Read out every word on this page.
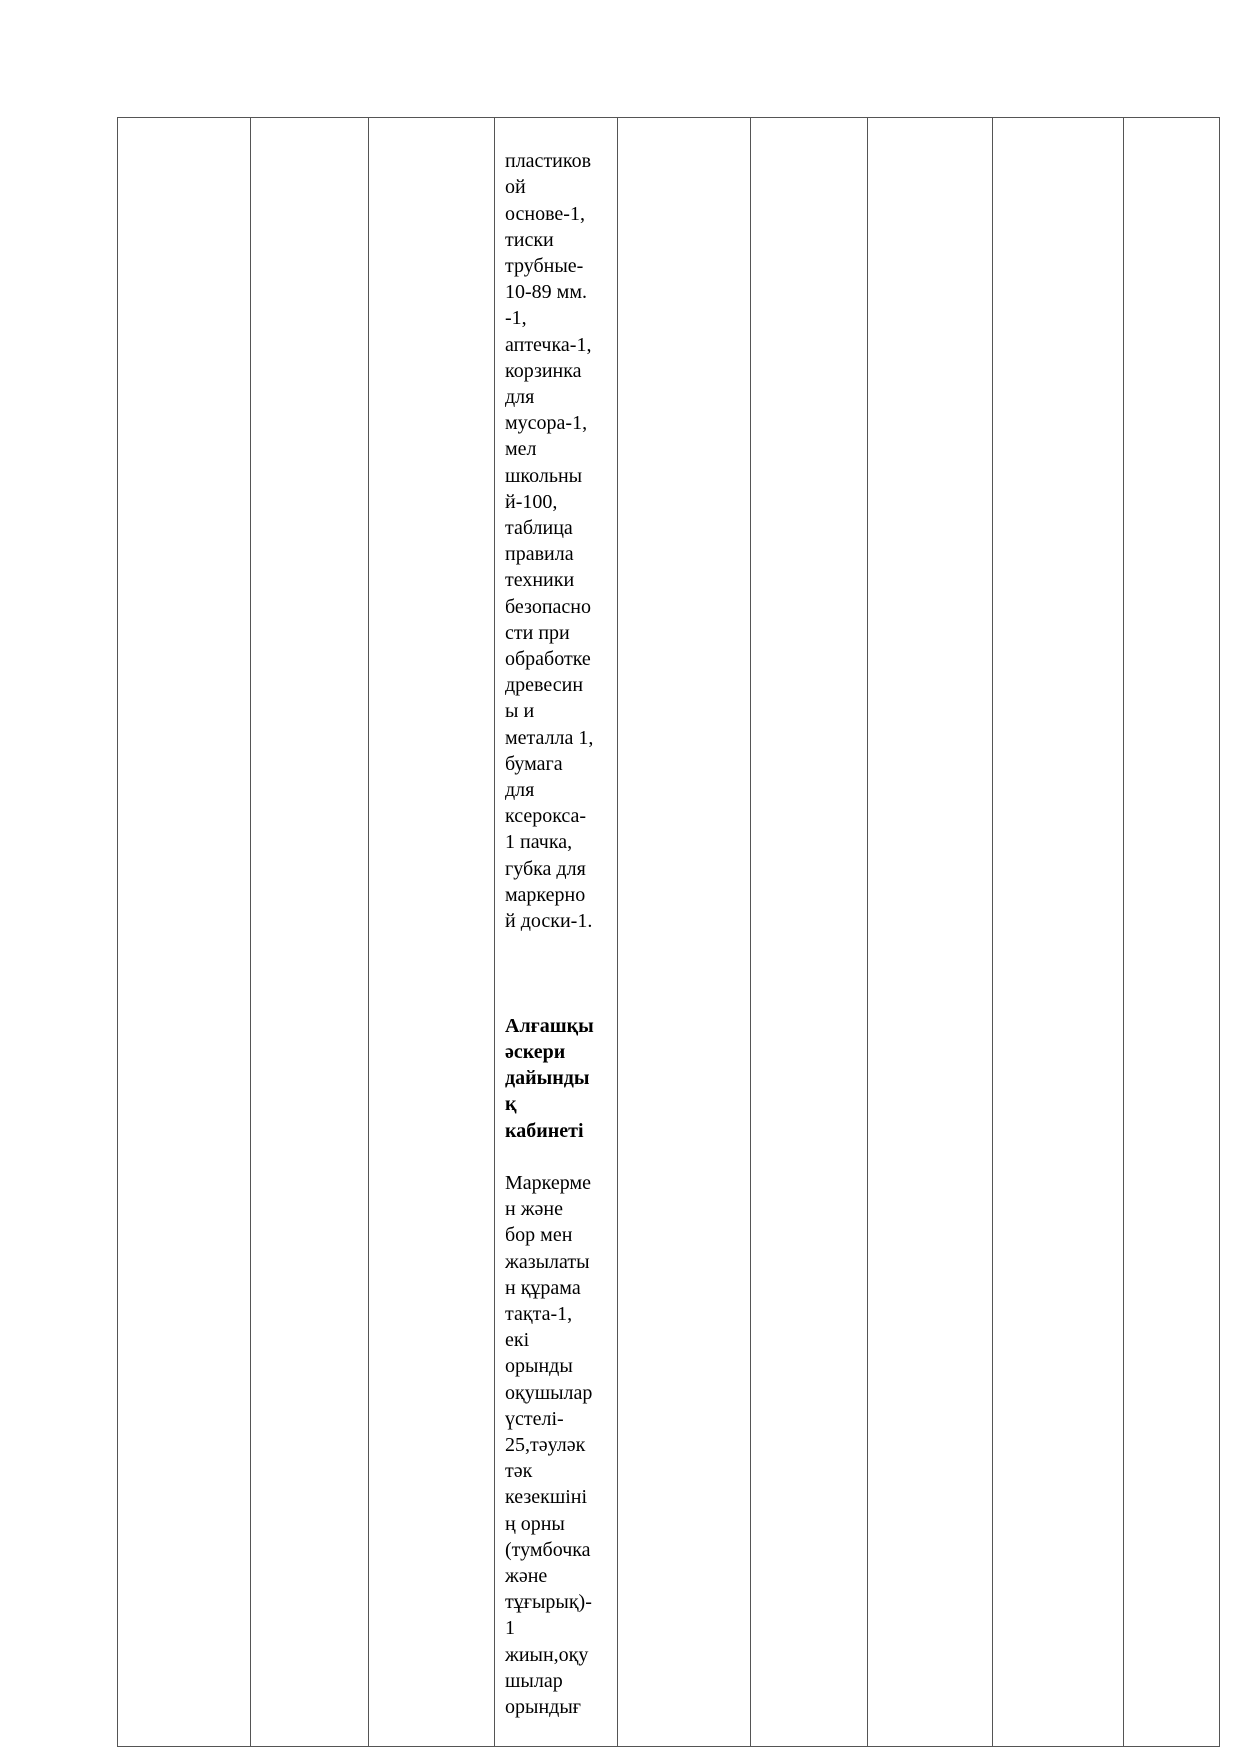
пластиков
ой
основе-1,
тиски
трубные-
10-89 мм.
-1,
аптечка-1,
корзинка
для
мусора-1,
мел
школьны
й-100,
таблица
правила
техники
безопасно
сти при
обработке
древесин
ы и
металла 1,
бумага
для
ксерокса-
1 пачка,
губка для
маркерно
й доски-1.

Алғашқы
әскери
дайынды
қ
кабинеті

Маркерме
н және
бор мен
жазылаты
н құрама
тақта-1,
екі
орынды
оқушылар
үстелі-
25,тәуләк
тәк
кезекшіні
ң орны
(тумбочка
және
тұғырық)-
1
жиын,оқу
шылар
орындығ
